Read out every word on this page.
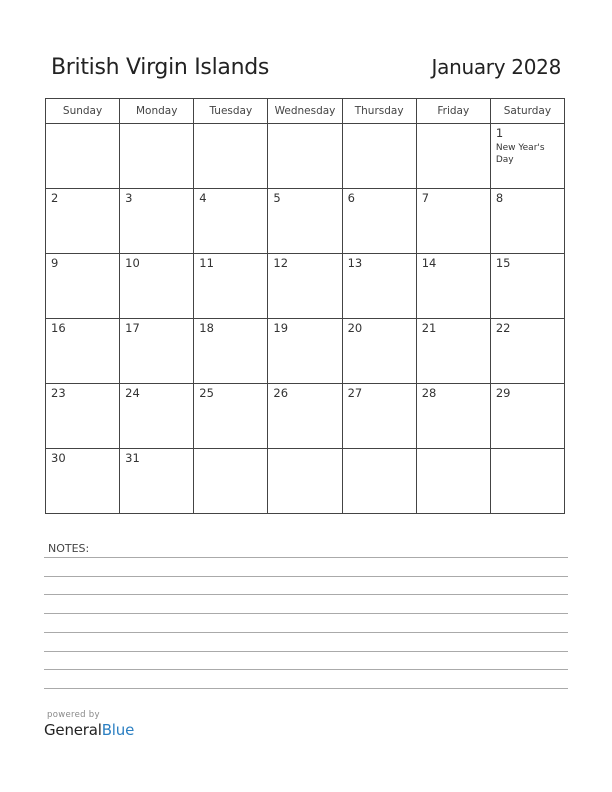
British Virgin Islands	January 2028
Sunday	Monday	Tuesday	Wednesday	Thursday	Friday	Saturday

						1
New Year's Day

2	3	4	5	6	7	8

9	10	11	12	13	14	15

16	17	18	19	20	21	22

23	24	25	26	27	28	29

30	31					

NOTES:
powered by
GeneralBlue
